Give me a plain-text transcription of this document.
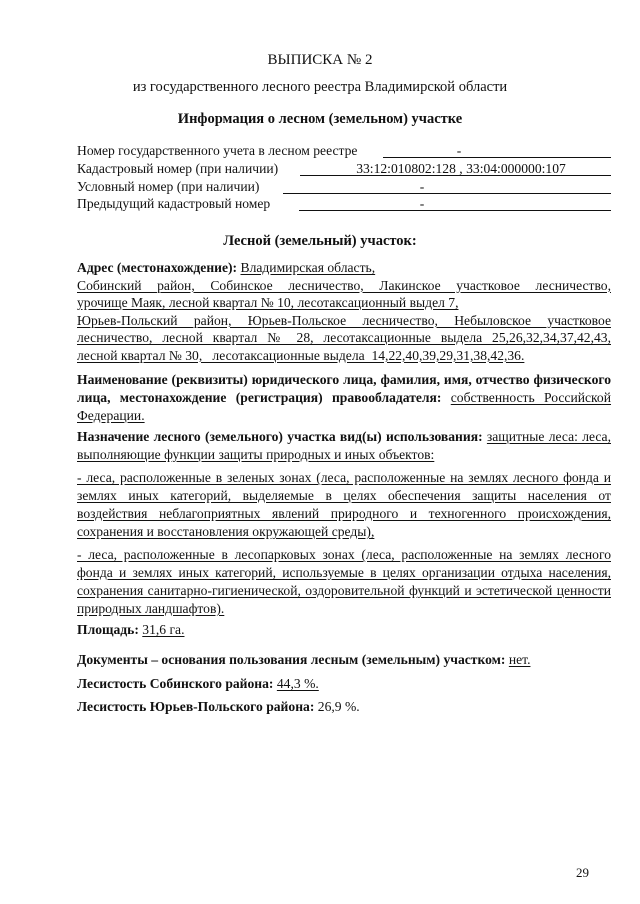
ВЫПИСКА № 2
из государственного лесного реестра Владимирской области
Информация о лесном (земельном) участке
Номер государственного учета в лесном реестре	-
Кадастровый номер (при наличии)	33:12:010802:128 , 33:04:000000:107
Условный номер (при наличии)	-
Предыдущий кадастровый номер	-
Лесной (земельный) участок:
Адрес (местонахождение): Владимирская область,
Собинский район, Собинское лесничество, Лакинское участковое лесничество,
урочище Маяк, лесной квартал № 10, лесотаксационный выдел 7,
Юрьев-Польский район, Юрьев-Польское лесничество, Небыловское участковое
лесничество, лесной квартал № 28, лесотаксационные выдела 25,26,32,34,37,42,43,
лесной квартал № 30,   лесотаксационные выдела  14,22,40,39,29,31,38,42,36.
Наименование (реквизиты) юридического лица, фамилия, имя, отчество физического лица, местонахождение (регистрация) правообладателя: собственность Российской Федерации.
Назначение лесного (земельного) участка вид(ы) использования: защитные леса: леса, выполняющие функции защиты природных и иных объектов:
- леса, расположенные в зеленых зонах (леса, расположенные на землях лесного фонда и землях иных категорий, выделяемые в целях обеспечения защиты населения от воздействия неблагоприятных явлений природного и техногенного происхождения, сохранения и восстановления окружающей среды),
- леса, расположенные в лесопарковых зонах (леса, расположенные на землях лесного фонда и землях иных категорий, используемые в целях организации отдыха населения, сохранения санитарно-гигиенической, оздоровительной функций и эстетической ценности природных ландшафтов).
Площадь: 31,6 га.
Документы – основания пользования лесным (земельным) участком: нет.
Лесистость Собинского района: 44,3 %.
Лесистость Юрьев-Польского района: 26,9 %.
29
